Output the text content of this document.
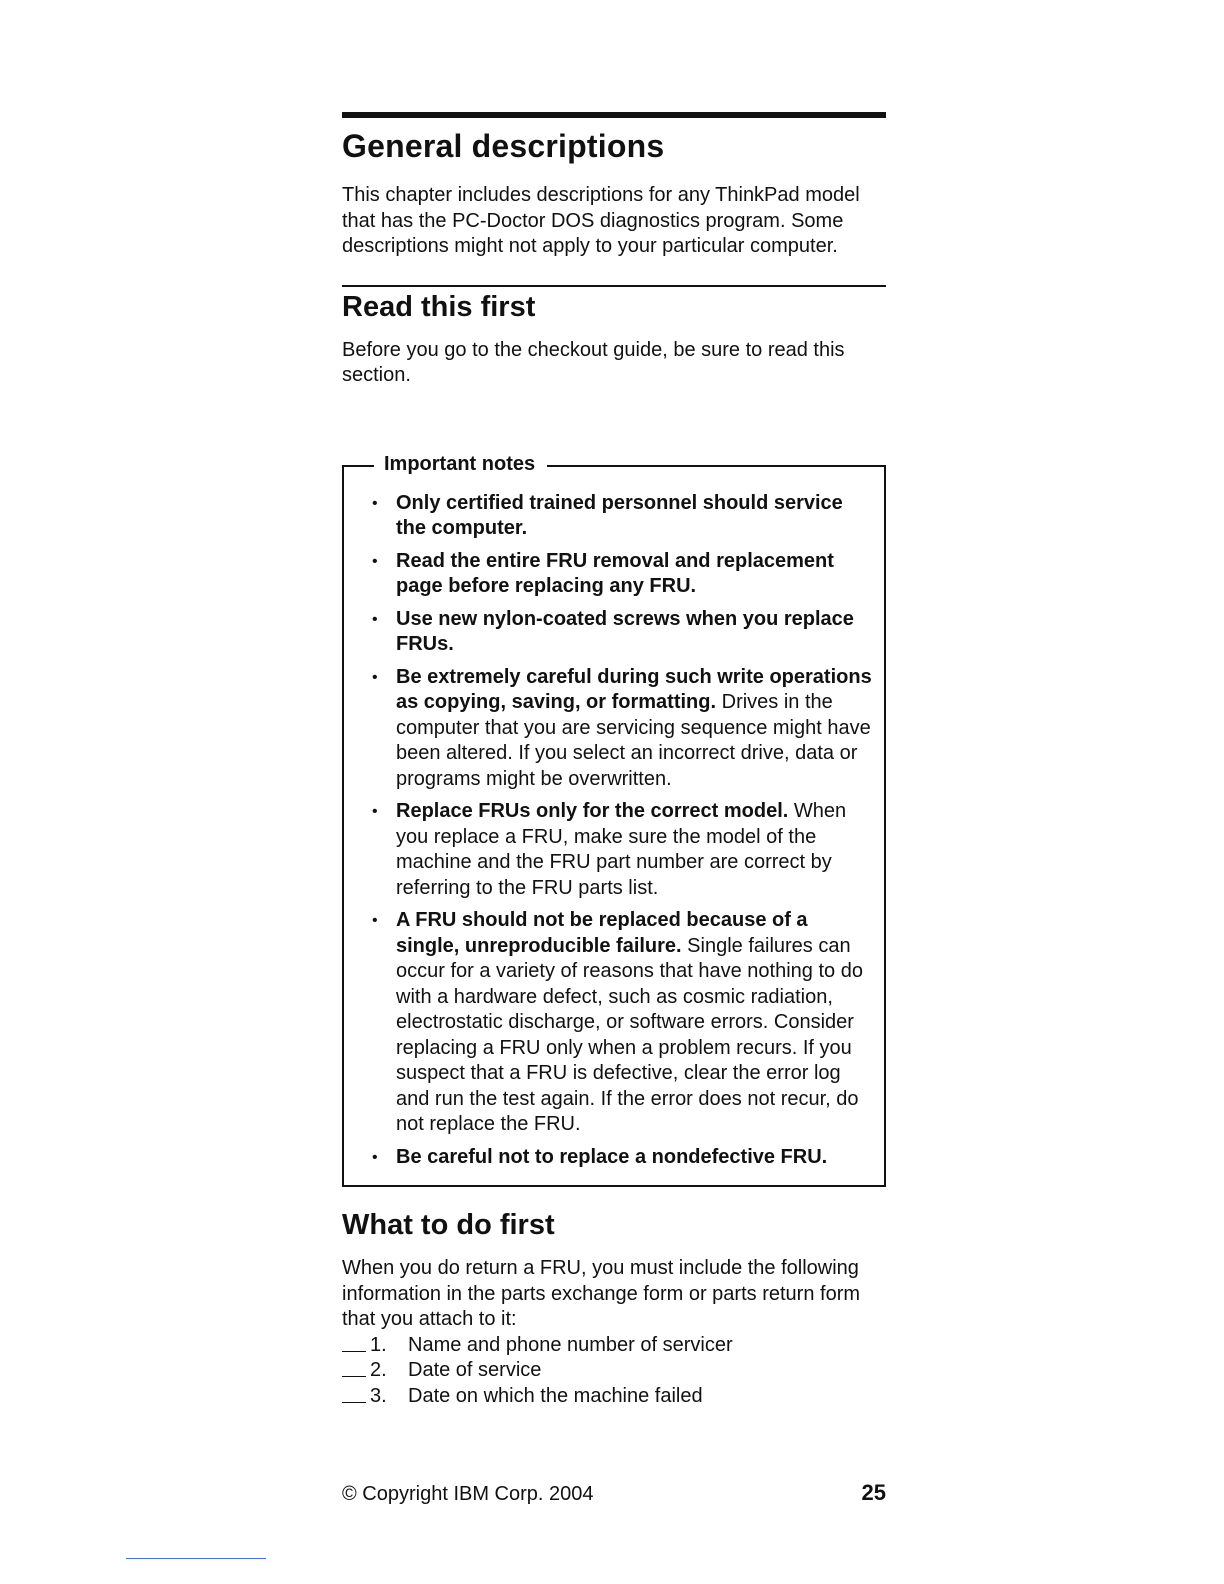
General descriptions

This chapter includes descriptions for any ThinkPad model that has the PC-Doctor DOS diagnostics program. Some descriptions might not apply to your particular computer.

Read this first

Before you go to the checkout guide, be sure to read this section.

Important notes
• Only certified trained personnel should service the computer.
• Read the entire FRU removal and replacement page before replacing any FRU.
• Use new nylon-coated screws when you replace FRUs.
• Be extremely careful during such write operations as copying, saving, or formatting. Drives in the computer that you are servicing sequence might have been altered. If you select an incorrect drive, data or programs might be overwritten.
• Replace FRUs only for the correct model. When you replace a FRU, make sure the model of the machine and the FRU part number are correct by referring to the FRU parts list.
• A FRU should not be replaced because of a single, unreproducible failure. Single failures can occur for a variety of reasons that have nothing to do with a hardware defect, such as cosmic radiation, electrostatic discharge, or software errors. Consider replacing a FRU only when a problem recurs. If you suspect that a FRU is defective, clear the error log and run the test again. If the error does not recur, do not replace the FRU.
• Be careful not to replace a nondefective FRU.
What to do first

When you do return a FRU, you must include the following information in the parts exchange form or parts return form that you attach to it:

1.	Name and phone number of servicer
2.	Date of service
3.	Date on which the machine failed
© Copyright IBM Corp. 2004	25
